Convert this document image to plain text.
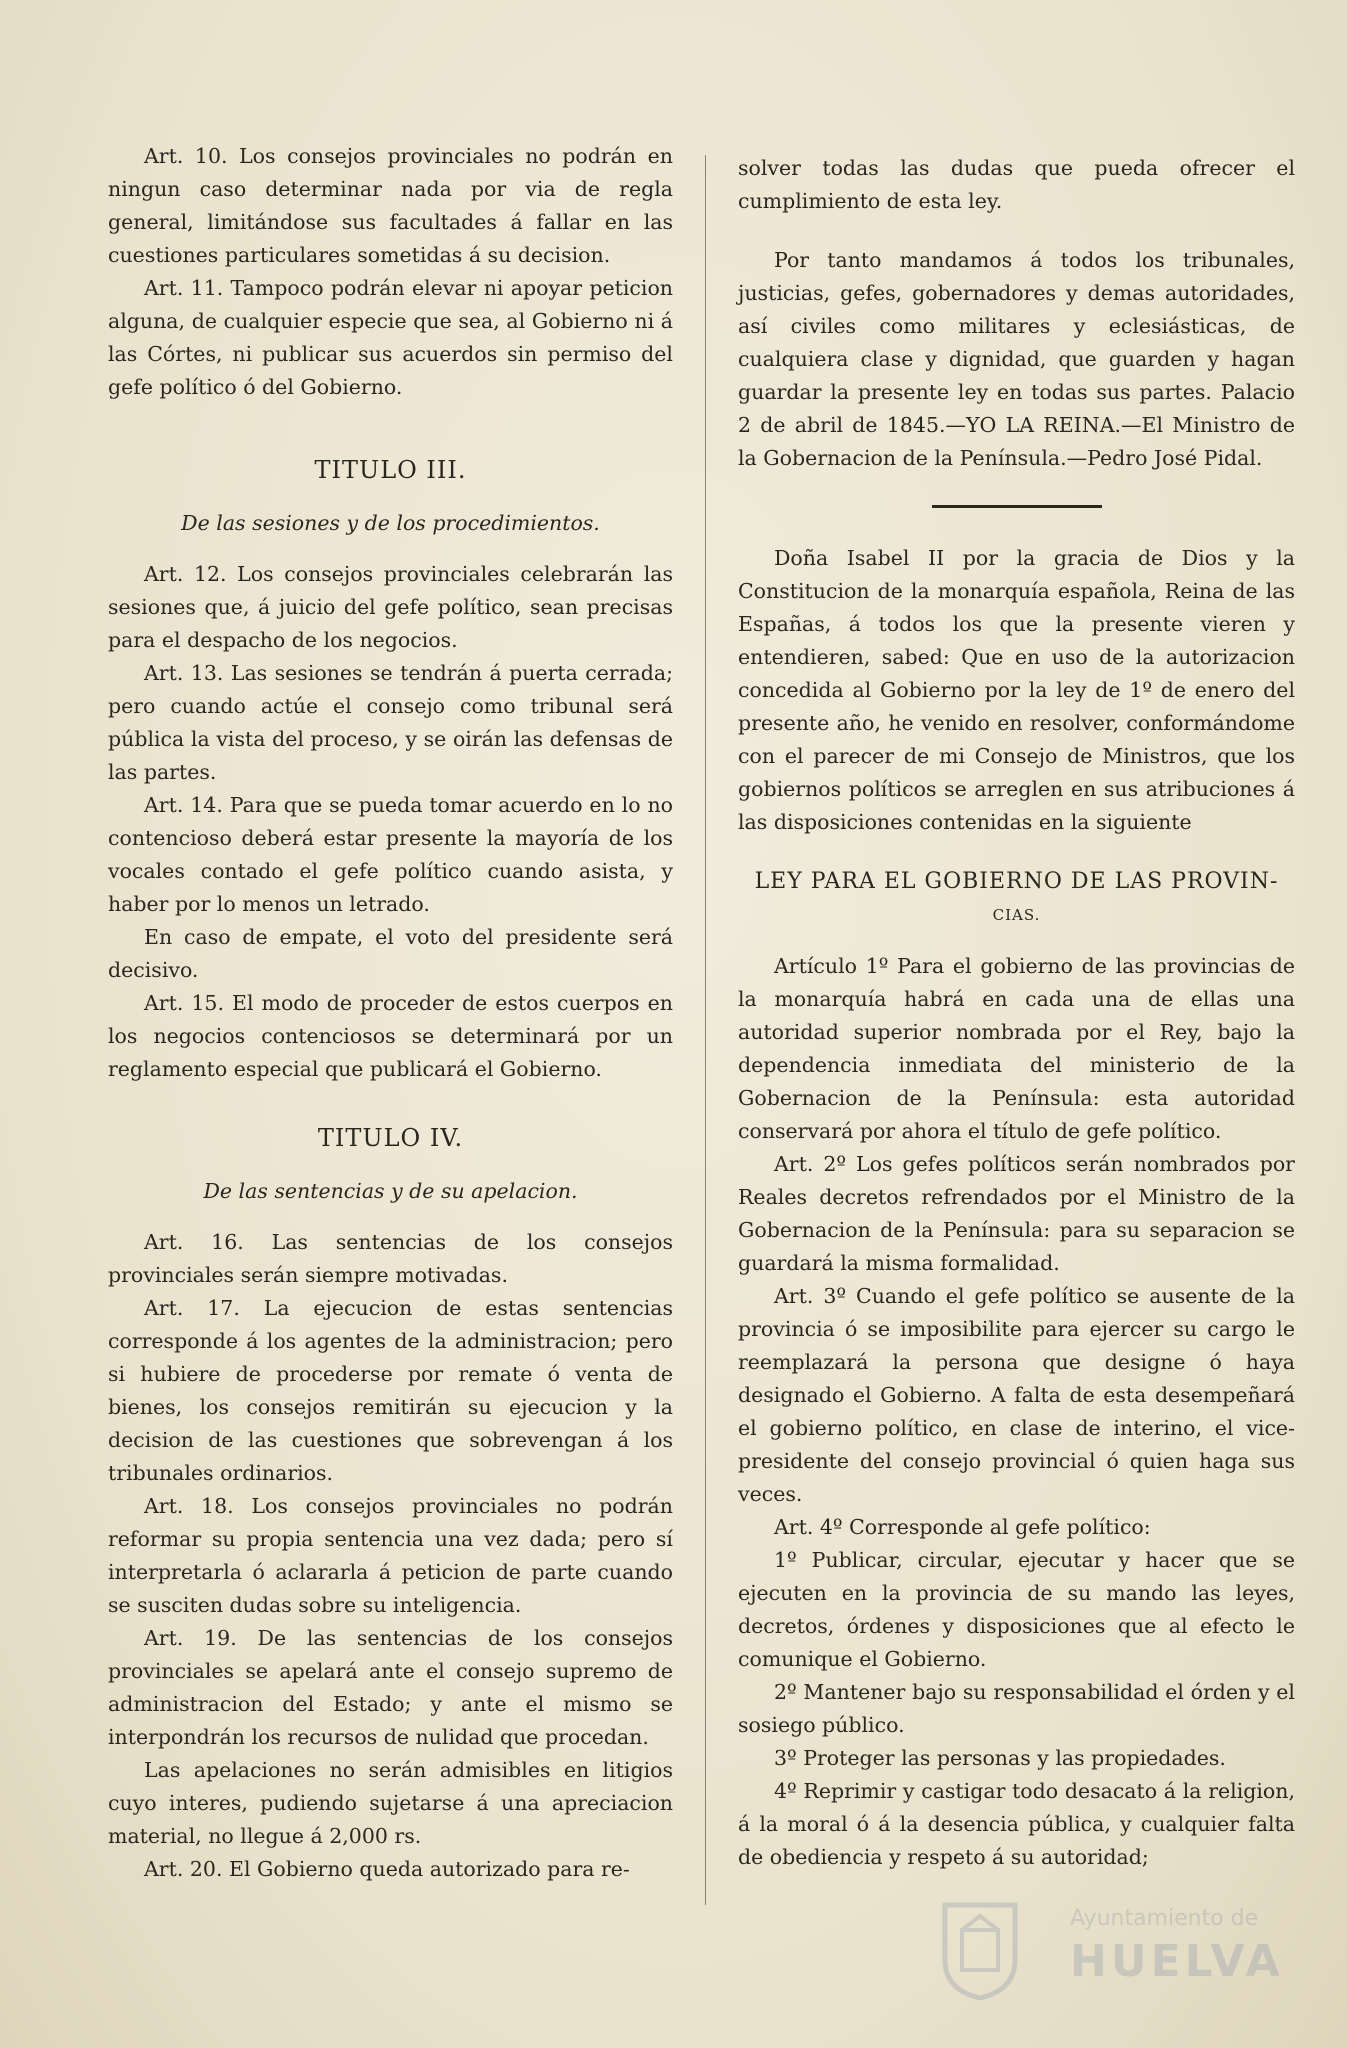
Art. 10. Los consejos provinciales no podrán en ningun caso determinar nada por via de regla general, limitándose sus facultades á fallar en las cuestiones particulares sometidas á su decision.

Art. 11. Tampoco podrán elevar ni apoyar peticion alguna, de cualquier especie que sea, al Gobierno ni á las Córtes, ni publicar sus acuerdos sin permiso del gefe político ó del Gobierno.

TITULO III.
De las sesiones y de los procedimientos.

Art. 12. Los consejos provinciales celebrarán las sesiones que, á juicio del gefe político, sean precisas para el despacho de los negocios.

Art. 13. Las sesiones se tendrán á puerta cerrada; pero cuando actúe el consejo como tribunal será pública la vista del proceso, y se oirán las defensas de las partes.

Art. 14. Para que se pueda tomar acuerdo en lo no contencioso deberá estar presente la mayoría de los vocales contado el gefe político cuando asista, y haber por lo menos un letrado.

En caso de empate, el voto del presidente será decisivo.

Art. 15. El modo de proceder de estos cuerpos en los negocios contenciosos se determinará por un reglamento especial que publicará el Gobierno.

TITULO IV.
De las sentencias y de su apelacion.

Art. 16. Las sentencias de los consejos provinciales serán siempre motivadas.

Art. 17. La ejecucion de estas sentencias corresponde á los agentes de la administracion; pero si hubiere de procederse por remate ó venta de bienes, los consejos remitirán su ejecucion y la decision de las cuestiones que sobrevengan á los tribunales ordinarios.

Art. 18. Los consejos provinciales no podrán reformar su propia sentencia una vez dada; pero sí interpretarla ó aclararla á peticion de parte cuando se susciten dudas sobre su inteligencia.

Art. 19. De las sentencias de los consejos provinciales se apelará ante el consejo supremo de administracion del Estado; y ante el mismo se interpondrán los recursos de nulidad que procedan.

Las apelaciones no serán admisibles en litigios cuyo interes, pudiendo sujetarse á una apreciacion material, no llegue á 2,000 rs.

Art. 20. El Gobierno queda autorizado para re-

solver todas las dudas que pueda ofrecer el cumplimiento de esta ley.

Por tanto mandamos á todos los tribunales, justicias, gefes, gobernadores y demas autoridades, así civiles como militares y eclesiásticas, de cualquiera clase y dignidad, que guarden y hagan guardar la presente ley en todas sus partes. Palacio 2 de abril de 1845.—YO LA REINA.—El Ministro de la Gobernacion de la Península.—Pedro José Pidal.

Doña Isabel II por la gracia de Dios y la Constitucion de la monarquía española, Reina de las Españas, á todos los que la presente vieren y entendieren, sabed: Que en uso de la autorizacion concedida al Gobierno por la ley de 1º de enero del presente año, he venido en resolver, conformándome con el parecer de mi Consejo de Ministros, que los gobiernos políticos se arreglen en sus atribuciones á las disposiciones contenidas en la siguiente

LEY PARA EL GOBIERNO DE LAS PROVIN-
CIAS.

Artículo 1º Para el gobierno de las provincias de la monarquía habrá en cada una de ellas una autoridad superior nombrada por el Rey, bajo la dependencia inmediata del ministerio de la Gobernacion de la Península: esta autoridad conservará por ahora el título de gefe político.

Art. 2º Los gefes políticos serán nombrados por Reales decretos refrendados por el Ministro de la Gobernacion de la Península: para su separacion se guardará la misma formalidad.

Art. 3º Cuando el gefe político se ausente de la provincia ó se imposibilite para ejercer su cargo le reemplazará la persona que designe ó haya designado el Gobierno. A falta de esta desempeñará el gobierno político, en clase de interino, el vice-presidente del consejo provincial ó quien haga sus veces.

Art. 4º Corresponde al gefe político:

1º Publicar, circular, ejecutar y hacer que se ejecuten en la provincia de su mando las leyes, decretos, órdenes y disposiciones que al efecto le comunique el Gobierno.

2º Mantener bajo su responsabilidad el órden y el sosiego público.

3º Proteger las personas y las propiedades.

4º Reprimir y castigar todo desacato á la religion, á la moral ó á la desencia pública, y cualquier falta de obediencia y respeto á su autoridad;

Ayuntamiento de
HUELVA
